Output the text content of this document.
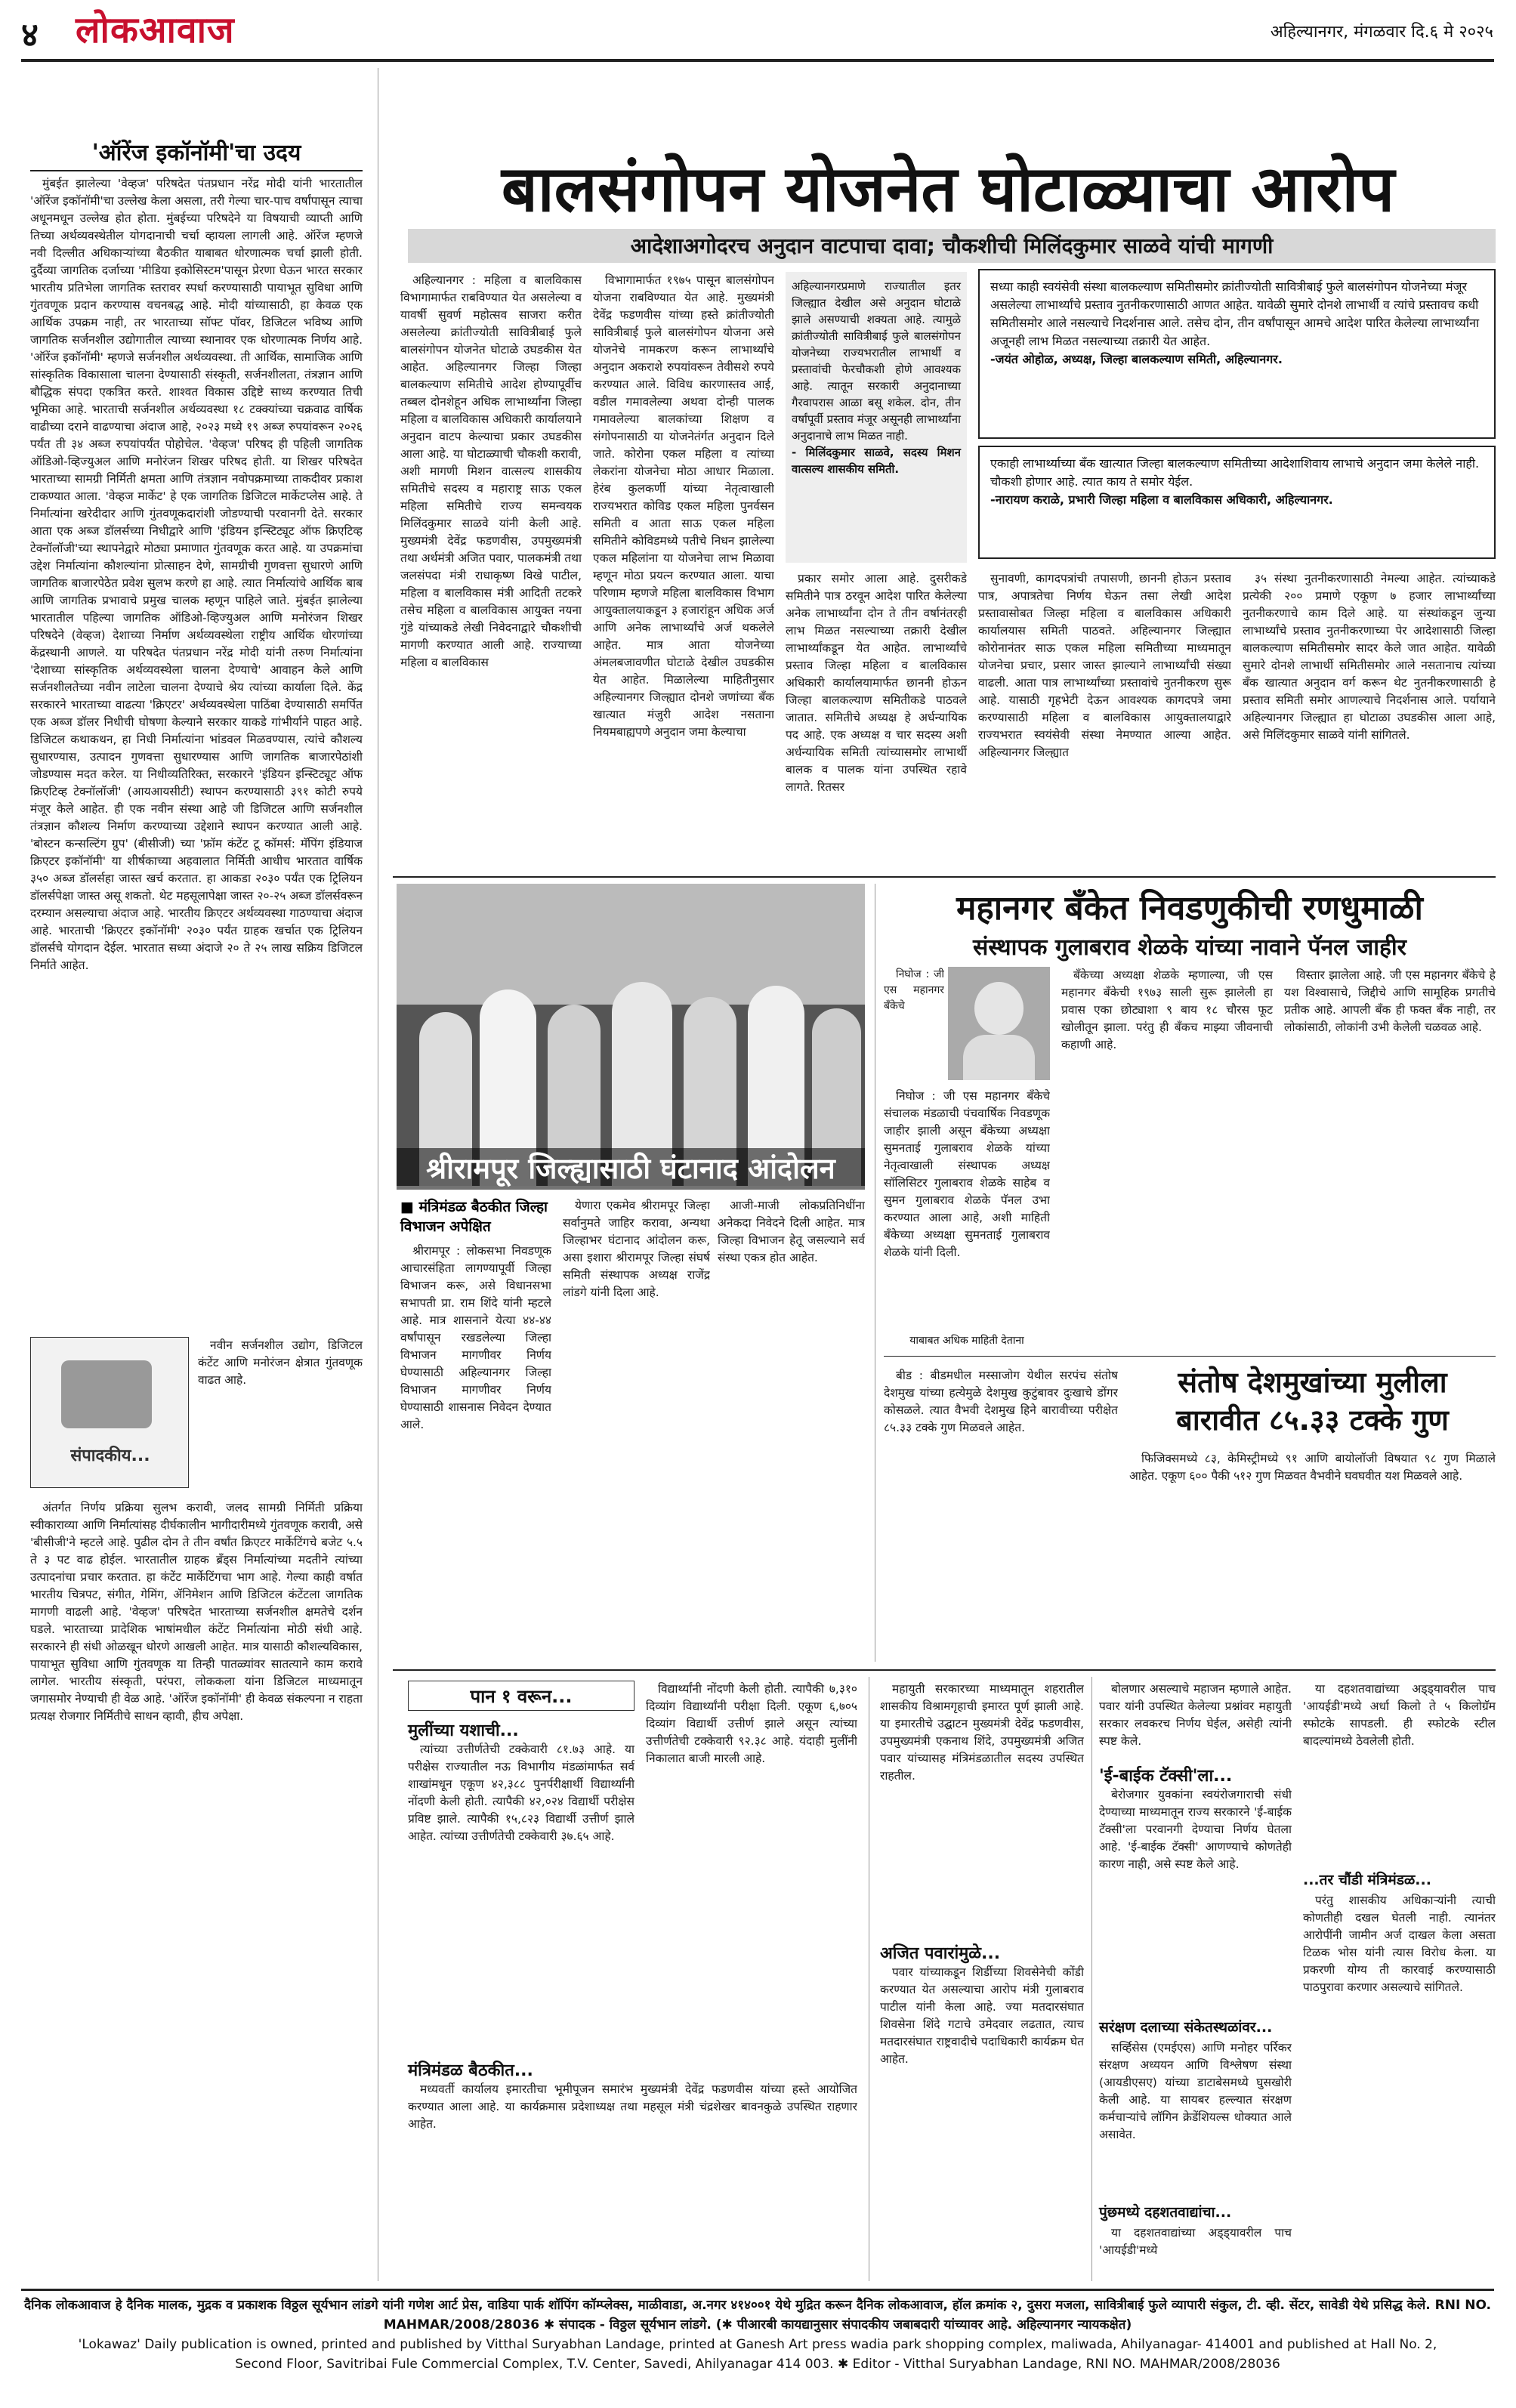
४ लोकआवाज	अहिल्यानगर, मंगळवार दि.६ मे २०२५
'ऑरेंज इकॉनॉमी'चा उदय

मुंबईत झालेल्या 'वेव्हज' परिषदेत पंतप्रधान नरेंद्र मोदी यांनी भारतातील 'ऑरेंज इकॉनॉमी'चा उल्लेख केला असला, तरी गेल्या चार-पाच वर्षांपासून त्याचा अधूनमधून उल्लेख होत होता. मुंबईच्या परिषदेने या विषयाची व्याप्ती आणि तिच्या अर्थव्यवस्थेतील योगदानाची चर्चा व्हायला लागली आहे. ऑरेंज म्हणजे नवी दिल्लीत अधिकाऱ्यांच्या बैठकीत याबाबत धोरणात्मक चर्चा झाली होती. दुर्दैव्या जागतिक दर्जाच्या 'मीडिया इकोसिस्टम'पासून प्रेरणा घेऊन भारत सरकार भारतीय प्रतिभेला जागतिक स्तरावर स्पर्धा करण्यासाठी पायाभूत सुविधा आणि गुंतवणूक प्रदान करण्यास वचनबद्ध आहे. मोदी यांच्यासाठी, हा केवळ एक आर्थिक उपक्रम नाही, तर भारताच्या सॉफ्ट पॉवर, डिजिटल भविष्य आणि जागतिक सर्जनशील उद्योगातील त्याच्या स्थानावर एक धोरणात्मक निर्णय आहे. 'ऑरेंज इकॉनॉमी' म्हणजे सर्जनशील अर्थव्यवस्था. ती आर्थिक, सामाजिक आणि सांस्कृतिक विकासाला चालना देण्यासाठी संस्कृती, सर्जनशीलता, तंत्रज्ञान आणि बौद्धिक संपदा एकत्रित करते. शाश्वत विकास उद्दिष्टे साध्य करण्यात तिची भूमिका आहे. भारताची सर्जनशील अर्थव्यवस्था १८ टक्क्यांच्या चक्रवाढ वार्षिक वाढीच्या दराने वाढण्याचा अंदाज आहे, २०२३ मध्ये १९ अब्ज रुपयांवरून २०२६ पर्यंत ती ३४ अब्ज रुपयांपर्यंत पोहोचेल. 'वेव्हज' परिषद ही पहिली जागतिक ऑडिओ-व्हिज्युअल आणि मनोरंजन शिखर परिषद होती. या शिखर परिषदेत भारताच्या सामग्री निर्मिती क्षमता आणि तंत्रज्ञान नवोपक्रमाच्या ताकदीवर प्रकाश टाकण्यात आला. 'वेव्हज मार्केट' हे एक जागतिक डिजिटल मार्केटप्लेस आहे. ते निर्मात्यांना खरेदीदार आणि गुंतवणूकदारांशी जोडण्याची परवानगी देते. सरकार आता एक अब्ज डॉलर्सच्या निधीद्वारे आणि 'इंडियन इन्स्टिट्यूट ऑफ क्रिएटिव्ह टेक्नॉलॉजी'च्या स्थापनेद्वारे मोठ्या प्रमाणात गुंतवणूक करत आहे. या उपक्रमांचा उद्देश निर्मात्यांना कौशल्यांना प्रोत्साहन देणे, सामग्रीची गुणवत्ता सुधारणे आणि जागतिक बाजारपेठेत प्रवेश सुलभ करणे हा आहे. त्यात निर्मात्यांचे आर्थिक बाब आणि जागतिक प्रभावाचे प्रमुख चालक म्हणून पाहिले जाते. मुंबईत झालेल्या भारतातील पहिल्या जागतिक ऑडिओ-व्हिज्युअल आणि मनोरंजन शिखर परिषदेने (वेव्हज) देशाच्या निर्माण अर्थव्यवस्थेला राष्ट्रीय आर्थिक धोरणांच्या केंद्रस्थानी आणले. या परिषदेत पंतप्रधान नरेंद्र मोदी यांनी तरुण निर्मात्यांना 'देशाच्या सांस्कृतिक अर्थव्यवस्थेला चालना देण्याचे' आवाहन केले आणि सर्जनशीलतेच्या नवीन लाटेला चालना देण्याचे श्रेय त्यांच्या कार्याला दिले. केंद्र सरकारने भारताच्या वाढत्या 'क्रिएटर' अर्थव्यवस्थेला पाठिंबा देण्यासाठी समर्पित एक अब्ज डॉलर निधीची घोषणा केल्याने सरकार याकडे गांभीर्याने पाहत आहे. डिजिटल कथाकथन, हा निधी निर्मात्यांना भांडवल मिळवण्यास, त्यांचे कौशल्य सुधारण्यास, उत्पादन गुणवत्ता सुधारण्यास आणि जागतिक बाजारपेठांशी जोडण्यास मदत करेल. या निधीव्यतिरिक्त, सरकारने 'इंडियन इन्स्टिट्यूट ऑफ क्रिएटिव्ह टेक्नॉलॉजी' (आयआयसीटी) स्थापन करण्यासाठी ३९१ कोटी रुपये मंजूर केले आहेत. ही एक नवीन संस्था आहे जी डिजिटल आणि सर्जनशील तंत्रज्ञान कौशल्य निर्माण करण्याच्या उद्देशाने स्थापन करण्यात आली आहे. 'बोस्टन कन्सल्टिंग ग्रुप' (बीसीजी) च्या 'फ्रॉम कंटेंट टू कॉमर्स: मॅपिंग इंडियाज क्रिएटर इकॉनॉमी' या शीर्षकाच्या अहवालात निर्मिती आधीच भारतात वार्षिक ३५० अब्ज डॉलर्सहा जास्त खर्च करतात. हा आकडा २०३० पर्यंत एक ट्रिलियन डॉलर्सपेक्षा जास्त असू शकतो. थेट महसूलापेक्षा जास्त २०-२५ अब्ज डॉलर्सवरून दरम्यान असल्याचा अंदाज आहे. भारतीय क्रिएटर अर्थव्यवस्था गाठण्याचा अंदाज आहे. भारताची 'क्रिएटर इकॉनॉमी' २०३० पर्यंत ग्राहक खर्चात एक ट्रिलियन डॉलर्सचे योगदान देईल. भारतात सध्या अंदाजे २० ते २५ लाख सक्रिय डिजिटल निर्माते आहेत.

संपादकीय...

नवीन सर्जनशील उद्योग, डिजिटल कंटेंट आणि मनोरंजन क्षेत्रात गुंतवणूक वाढत आहे.

अंतर्गत निर्णय प्रक्रिया सुलभ करावी, जलद सामग्री निर्मिती प्रक्रिया स्वीकाराव्या आणि निर्मात्यांसह दीर्घकालीन भागीदारीमध्ये गुंतवणूक करावी, असे 'बीसीजी'ने म्हटले आहे. पुढील दोन ते तीन वर्षांत क्रिएटर मार्केटिंगचे बजेट ५.५ ते ३ पट वाढ होईल. भारतातील ग्राहक ब्रँड्स निर्मात्यांच्या मदतीने त्यांच्या उत्पादनांचा प्रचार करतात. हा कंटेंट मार्केटिंगचा भाग आहे. गेल्या काही वर्षात भारतीय चित्रपट, संगीत, गेमिंग, ॲनिमेशन आणि डिजिटल कंटेंटला जागतिक मागणी वाढली आहे. 'वेव्हज' परिषदेत भारताच्या सर्जनशील क्षमतेचे दर्शन घडले. भारताच्या प्रादेशिक भाषांमधील कंटेंट निर्मात्यांना मोठी संधी आहे. सरकारने ही संधी ओळखून धोरणे आखली आहेत. मात्र यासाठी कौशल्यविकास, पायाभूत सुविधा आणि गुंतवणूक या तिन्ही पातळ्यांवर सातत्याने काम करावे लागेल. भारतीय संस्कृती, परंपरा, लोककला यांना डिजिटल माध्यमातून जगासमोर नेण्याची ही वेळ आहे. 'ऑरेंज इकॉनॉमी' ही केवळ संकल्पना न राहता प्रत्यक्ष रोजगार निर्मितीचे साधन व्हावी, हीच अपेक्षा.

बालसंगोपन योजनेत घोटाळ्याचा आरोप
आदेशाअगोदरच अनुदान वाटपाचा दावा; चौकशीची मिलिंदकुमार साळवे यांची मागणी

अहिल्यानगर : महिला व बालविकास विभागामार्फत राबविण्यात येत असलेल्या व यावर्षी सुवर्ण महोत्सव साजरा करीत असलेल्या क्रांतीज्योती सावित्रीबाई फुले बालसंगोपन योजनेत घोटाळे उघडकीस येत आहेत. अहिल्यानगर जिल्हा जिल्हा बालकल्याण समितीचे आदेश होण्यापूर्वीच तब्बल दोनशेहून अधिक लाभार्थ्यांना जिल्हा महिला व बालविकास अधिकारी कार्यालयाने अनुदान वाटप केल्याचा प्रकार उघडकीस आला आहे. या घोटाळ्याची चौकशी करावी, अशी मागणी मिशन वात्सल्य शासकीय समितीचे सदस्य व महाराष्ट्र साऊ एकल महिला समितीचे राज्य समन्वयक मिलिंदकुमार साळवे यांनी केली आहे. मुख्यमंत्री देवेंद्र फडणवीस, उपमुख्यमंत्री तथा अर्थमंत्री अजित पवार, पालकमंत्री तथा जलसंपदा मंत्री राधाकृष्ण विखे पाटील, महिला व बालविकास मंत्री आदिती तटकरे तसेच महिला व बालविकास आयुक्त नयना गुंडे यांच्याकडे लेखी निवेदनाद्वारे चौकशीची मागणी करण्यात आली आहे. राज्याच्या महिला व बालविकास

विभागामार्फत १९७५ पासून बालसंगोपन योजना राबविण्यात येत आहे. मुख्यमंत्री देवेंद्र फडणवीस यांच्या हस्ते क्रांतीज्योती सावित्रीबाई फुले बालसंगोपन योजना असे योजनेचे नामकरण करून लाभार्थ्यांचे अनुदान अकराशे रुपयांवरून तेवीसशे रुपये करण्यात आले. विविध कारणास्तव आई, वडील गमावलेल्या अथवा दोन्ही पालक गमावलेल्या बालकांच्या शिक्षण व संगोपनासाठी या योजनेतंर्गत अनुदान दिले जाते. कोरोना एकल महिला व त्यांच्या लेकरांना योजनेचा मोठा आधार मिळाला. हेरंब कुलकर्णी यांच्या नेतृत्वाखाली राज्यभरात कोविड एकल महिला पुनर्वसन समिती व आता साऊ एकल महिला समितीने कोविडमध्ये पतीचे निधन झालेल्या एकल महिलांना या योजनेचा लाभ मिळावा म्हणून मोठा प्रयत्न करण्यात आला. याचा परिणाम म्हणजे महिला बालविकास विभाग आयुक्तालयाकडून ३ हजारांहून अधिक अर्ज आणि अनेक लाभार्थ्यांचे अर्ज थकलेले आहेत. मात्र आता योजनेच्या अंमलबजावणीत घोटाळे देखील उघडकीस येत आहेत. मिळालेल्या माहितीनुसार अहिल्यानगर जिल्ह्यात दोनशे जणांच्या बँक खात्यात मंजुरी आदेश नसताना नियमबाह्यपणे अनुदान जमा केल्याचा

अहिल्यानगरप्रमाणे राज्यातील इतर जिल्ह्यात देखील असे अनुदान घोटाळे झाले असण्याची शक्यता आहे. त्यामुळे क्रांतीज्योती सावित्रीबाई फुले बालसंगोपन योजनेच्या राज्यभरातील लाभार्थी व प्रस्तावांची फेरचौकशी होणे आवश्यक आहे. त्यातून सरकारी अनुदानाच्या गैरवापरास आळा बसू शकेल. दोन, तीन वर्षांपूर्वी प्रस्ताव मंजूर असूनही लाभार्थ्यांना अनुदानाचे लाभ मिळत नाही.
- मिलिंदकुमार साळवे, सदस्य मिशन वात्सल्य शासकीय समिती.

प्रकार समोर आला आहे. दुसरीकडे समितीने पात्र ठरवून आदेश पारित केलेल्या अनेक लाभार्थ्यांना दोन ते तीन वर्षानंतरही लाभ मिळत नसल्याच्या तक्रारी देखील लाभार्थ्यांकडून येत आहेत. लाभार्थ्यांचे प्रस्ताव जिल्हा महिला व बालविकास अधिकारी कार्यालयामार्फत छाननी होऊन जिल्हा बालकल्याण समितीकडे पाठवले जातात. समितीचे अध्यक्ष हे अर्धन्यायिक पद आहे. एक अध्यक्ष व चार सदस्य अशी अर्धन्यायिक समिती त्यांच्यासमोर लाभार्थी बालक व पालक यांना उपस्थित रहावे लागते. रितसर

सध्या काही स्वयंसेवी संस्था बालकल्याण समितीसमोर क्रांतीज्योती सावित्रीबाई फुले बालसंगोपन योजनेच्या मंजूर असलेल्या लाभार्थ्यांचे प्रस्ताव नुतनीकरणासाठी आणत आहेत. यावेळी सुमारे दोनशे लाभार्थी व त्यांचे प्रस्तावच कधी समितीसमोर आले नसल्याचे निदर्शनास आले. तसेच दोन, तीन वर्षांपासून आमचे आदेश पारित केलेल्या लाभार्थ्यांना अजूनही लाभ मिळत नसल्याच्या तक्रारी येत आहेत.
-जयंत ओहोळ, अध्यक्ष, जिल्हा बालकल्याण समिती, अहिल्यानगर.
एकाही लाभार्थ्याच्या बँक खात्यात जिल्हा बालकल्याण समितीच्या आदेशाशिवाय लाभाचे अनुदान जमा केलेले नाही. चौकशी होणार आहे. त्यात काय ते समोर येईल.
-नारायण कराळे, प्रभारी जिल्हा महिला व बालविकास अधिकारी, अहिल्यानगर.

सुनावणी, कागदपत्रांची तपासणी, छाननी होऊन प्रस्ताव पात्र, अपात्रतेचा निर्णय घेऊन तसा लेखी आदेश प्रस्तावासोबत जिल्हा महिला व बालविकास अधिकारी कार्यालयास समिती पाठवते. अहिल्यानगर जिल्ह्यात कोरोनानंतर साऊ एकल महिला समितीच्या माध्यमातून योजनेचा प्रचार, प्रसार जास्त झाल्याने लाभार्थ्यांची संख्या वाढली. आता पात्र लाभार्थ्यांच्या प्रस्तावांचे नुतनीकरण सुरू आहे. यासाठी गृहभेटी देऊन आवश्यक कागदपत्रे जमा करण्यासाठी महिला व बालविकास आयुक्तालयाद्वारे राज्यभरात स्वयंसेवी संस्था नेमण्यात आल्या आहेत. अहिल्यानगर जिल्ह्यात

३५ संस्था नुतनीकरणासाठी नेमल्या आहेत. त्यांच्याकडे प्रत्येकी २०० प्रमाणे एकूण ७ हजार लाभार्थ्यांच्या नुतनीकरणाचे काम दिले आहे. या संस्थांकडून जुन्या लाभार्थ्यांचे प्रस्ताव नुतनीकरणाच्या पेर आदेशासाठी जिल्हा बालकल्याण समितीसमोर सादर केले जात आहेत. यावेळी सुमारे दोनशे लाभार्थी समितीसमोर आले नसतानाच त्यांच्या बँक खात्यात अनुदान वर्ग करून थेट नुतनीकरणासाठी हे प्रस्ताव समिती समोर आणल्याचे निदर्शनास आले. पर्यायाने अहिल्यानगर जिल्ह्यात हा घोटाळा उघडकीस आला आहे, असे मिलिंदकुमार साळवे यांनी सांगितले.

श्रीरामपूर जिल्ह्यासाठी घंटानाद आंदोलन
■ मंत्रिमंडळ बैठकीत जिल्हा विभाजन अपेक्षित

श्रीरामपूर : लोकसभा निवडणूक आचारसंहिता लागण्यापूर्वी जिल्हा विभाजन करू, असे विधानसभा सभापती प्रा. राम शिंदे यांनी म्हटले आहे. मात्र शासनाने येत्या ४४-४४ वर्षांपासून रखडलेल्या जिल्हा विभाजन मागणीवर निर्णय घेण्यासाठी अहिल्यानगर जिल्हा विभाजन मागणीवर निर्णय घेण्यासाठी शासनास निवेदन देण्यात आले.

येणारा एकमेव श्रीरामपूर जिल्हा सर्वानुमते जाहिर करावा, अन्यथा जिल्हाभर घंटानाद आंदोलन करू, असा इशारा श्रीरामपूर जिल्हा संघर्ष समिती संस्थापक अध्यक्ष राजेंद्र लांडगे यांनी दिला आहे.

आजी-माजी लोकप्रतिनिधींना अनेकदा निवेदने दिली आहेत. मात्र जिल्हा विभाजन हेतू जसल्याने सर्व संस्था एकत्र होत आहेत.

महानगर बँकेत निवडणुकीची रणधुमाळी
संस्थापक गुलाबराव शेळके यांच्या नावाने पॅनल जाहीर

निघोज : जी एस महानगर बँकेचे

निघोज : जी एस महानगर बँकेचे संचालक मंडळाची पंचवार्षिक निवडणूक जाहीर झाली असून बँकेच्या अध्यक्षा सुमनताई गुलाबराव शेळके यांच्या नेतृत्वाखाली संस्थापक अध्यक्ष सॉलिसिटर गुलाबराव शेळके साहेब व सुमन गुलाबराव शेळके पॅनल उभा करण्यात आला आहे, अशी माहिती बँकेच्या अध्यक्षा सुमनताई गुलाबराव शेळके यांनी दिली.

बँकेच्या अध्यक्षा शेळके म्हणाल्या, जी एस महानगर बँकेची १९७३ साली सुरू झालेली हा प्रवास एका छोट्याशा ९ बाय १८ चौरस फूट खोलीतून झाला. परंतु ही बँकच माझ्या जीवनाची कहाणी आहे.

विस्तार झालेला आहे. जी एस महानगर बँकेचे हे यश विश्वासाचे, जिद्दीचे आणि सामूहिक प्रगतीचे प्रतीक आहे. आपली बँक ही फक्त बँक नाही, तर लोकांसाठी, लोकांनी उभी केलेली चळवळ आहे.

याबाबत अधिक माहिती देताना

बीड : बीडमधील मस्साजोग येथील सरपंच संतोष देशमुख यांच्या हत्येमुळे देशमुख कुटुंबावर दुःखाचे डोंगर कोसळले. त्यात वैभवी देशमुख हिने बारावीच्या परीक्षेत ८५.३३ टक्के गुण मिळवले आहेत.

संतोष देशमुखांच्या मुलीला
बारावीत ८५.३३ टक्के गुण

फिजिक्समध्ये ८३, केमिस्ट्रीमध्ये ९१ आणि बायोलॉजी विषयात ९८ गुण मिळाले आहेत. एकूण ६०० पैकी ५१२ गुण मिळवत वैभवीने घवघवीत यश मिळवले आहे.

पान १ वरून...
मुलींच्या यशाची...

त्यांच्या उत्तीर्णतेची टक्केवारी ८१.७३ आहे. या परीक्षेस राज्यातील नऊ विभागीय मंडळांमार्फत सर्व शाखांमधून एकूण ४२,३८८ पुनर्परीक्षार्थी विद्यार्थ्यांनी नोंदणी केली होती. त्यापैकी ४२,०२४ विद्यार्थी परीक्षेस प्रविष्ट झाले. त्यापैकी १५,८२३ विद्यार्थी उत्तीर्ण झाले आहेत. त्यांच्या उत्तीर्णतेची टक्केवारी ३७.६५ आहे.

विद्यार्थ्यांनी नोंदणी केली होती. त्यापैकी ७,३१० दिव्यांग विद्यार्थ्यांनी परीक्षा दिली. एकूण ६,७०५ दिव्यांग विद्यार्थी उत्तीर्ण झाले असून त्यांच्या उत्तीर्णतेची टक्केवारी ९२.३८ आहे. यंदाही मुलींनी निकालात बाजी मारली आहे.

मंत्रिमंडळ बैठकीत...

मध्यवर्ती कार्यालय इमारतीचा भूमीपूजन समारंभ मुख्यमंत्री देवेंद्र फडणवीस यांच्या हस्ते आयोजित करण्यात आला आहे. या कार्यक्रमास प्रदेशाध्यक्ष तथा महसूल मंत्री चंद्रशेखर बावनकुळे उपस्थित राहणार आहेत.

महायुती सरकारच्या माध्यमातून शहरातील शासकीय विश्रामगृहाची इमारत पूर्ण झाली आहे. या इमारतीचे उद्घाटन मुख्यमंत्री देवेंद्र फडणवीस, उपमुख्यमंत्री एकनाथ शिंदे, उपमुख्यमंत्री अजित पवार यांच्यासह मंत्रिमंडळातील सदस्य उपस्थित राहतील.

अजित पवारांमुळे...

पवार यांच्याकडून शिर्डीच्या शिवसेनेची कोंडी करण्यात येत असल्याचा आरोप मंत्री गुलाबराव पाटील यांनी केला आहे. ज्या मतदारसंघात शिवसेना शिंदे गटाचे उमेदवार लढतात, त्याच मतदारसंघात राष्ट्रवादीचे पदाधिकारी कार्यक्रम घेत आहेत.

बोलणार असल्याचे महाजन म्हणाले आहेत. पवार यांनी उपस्थित केलेल्या प्रश्नांवर महायुती सरकार लवकरच निर्णय घेईल, असेही त्यांनी स्पष्ट केले.

'ई-बाईक टॅक्सी'ला...

बेरोजगार युवकांना स्वयंरोजगाराची संधी देण्याच्या माध्यमातून राज्य सरकारने 'ई-बाईक टॅक्सी'ला परवानगी देण्याचा निर्णय घेतला आहे. 'ई-बाईक टॅक्सी' आणण्याचे कोणतेही कारण नाही, असे स्पष्ट केले आहे.

सरंक्षण दलाच्या संकेतस्थळांवर...

सर्व्हिसेस (एमईएस) आणि मनोहर पर्रिकर संरक्षण अध्ययन आणि विश्लेषण संस्था (आयडीएसए) यांच्या डाटाबेसमध्ये घुसखोरी केली आहे. या सायबर हल्ल्यात संरक्षण कर्मचाऱ्यांचे लॉगिन क्रेडेंशियल्स धोक्यात आले असावेत.

पुंछमध्ये दहशतवाद्यांचा...

या दहशतवाद्यांच्या अड्ड्यावरील पाच 'आयईडी'मध्ये

या दहशतवाद्यांच्या अड्ड्यावरील पाच 'आयईडी'मध्ये अर्धा किलो ते ५ किलोग्रॅम स्फोटके सापडली. ही स्फोटके स्टील बादल्यांमध्ये ठेवलेली होती.

...तर चौंडी मंत्रिमंडळ...

परंतु शासकीय अधिकाऱ्यांनी त्याची कोणतीही दखल घेतली नाही. त्यानंतर आरोपींनी जामीन अर्ज दाखल केला असता टिळक भोस यांनी त्यास विरोध केला. या प्रकरणी योग्य ती कारवाई करण्यासाठी पाठपुरावा करणार असल्याचे सांगितले.

दैनिक लोकआवाज हे दैनिक मालक, मुद्रक व प्रकाशक विठ्ठल सूर्यभान लांडगे यांनी गणेश आर्ट प्रेस, वाडिया पार्क शॉपिंग कॉम्प्लेक्स, माळीवाडा, अ.नगर ४१४००१ येथे मुद्रित करून दैनिक लोकआवाज, हॉल क्रमांक २, दुसरा मजला, सावित्रीबाई फुले व्यापारी संकुल, टी. व्ही. सेंटर, सावेडी येथे प्रसिद्ध केले. RNI NO. MAHMAR/2008/28036 ✱ संपादक - विठ्ठल सूर्यभान लांडगे. (✱ पीआरबी कायद्यानुसार संपादकीय जबाबदारी यांच्यावर आहे. अहिल्यानगर न्यायकक्षेत)
'Lokawaz' Daily publication is owned, printed and published by Vitthal Suryabhan Landage, printed at Ganesh Art press wadia park shopping complex, maliwada, Ahilyanagar- 414001 and published at Hall No. 2,
Second Floor, Savitribai Fule Commercial Complex, T.V. Center, Savedi, Ahilyanagar 414 003. ✱ Editor - Vitthal Suryabhan Landage, RNI NO. MAHMAR/2008/28036
